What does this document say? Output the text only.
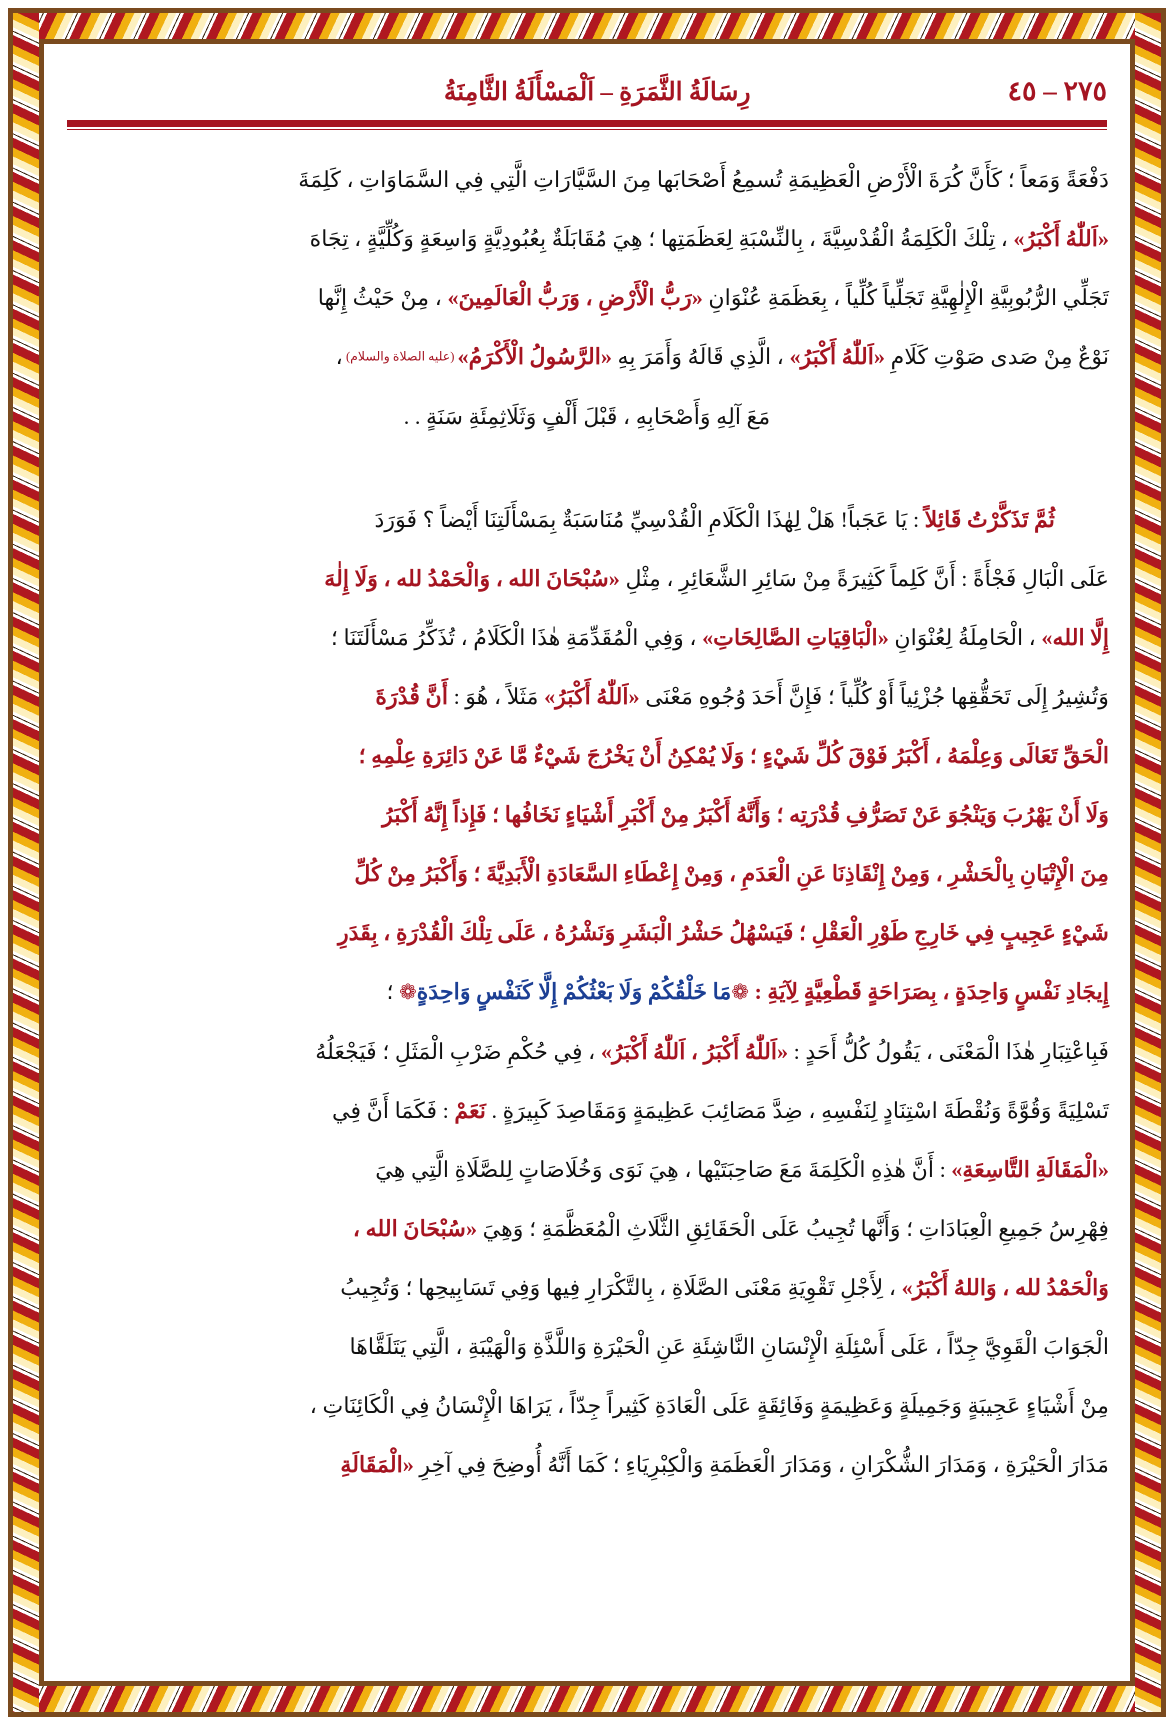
رِسَالَةُ الثَّمَرَةِ – اَلْمَسْأَلَةُ الثَّامِنَةُ	٢٧٥ – ٤٥

دَفْعَةً وَمَعاً ؛ كَأَنَّ كُرَةَ الْأَرْضِ الْعَظِيمَةِ تُسمِعُ أَصْحَابَها مِنَ السَّيَّارَاتِ الَّتِي فِي السَّمَاوَاتِ ، كَلِمَةَ
«اَللّٰهُ أَكْبَرُ» ، تِلْكَ الْكَلِمَةُ الْقُدْسِيَّةَ ، بِالنِّسْبَةِ لِعَظَمَتِها ؛ هِيَ مُقَابَلَةٌ بِعُبُودِيَّةٍ وَاسِعَةٍ وَكُلِّيَّةٍ ، تِجَاهَ
تَجَلِّي الرُّبُوبِيَّةِ الْإِلٰهِيَّةِ تَجَلِّياً كُلِّياً ، بِعَظَمَةِ عُنْوَانِ «رَبُّ الْأَرْضِ ، وَرَبُّ الْعَالَمِينَ» ، مِنْ حَيْثُ إِنَّها
نَوْعٌ مِنْ صَدى صَوْتِ كَلَامِ «اَللّٰهُ أَكْبَرُ» ، الَّذِي قَالَهُ وَأَمَرَ بِهِ «الرَّسُولُ الْأَكْرَمُ» (عليه الصلاة والسلام) ،
مَعَ آلِهِ وَأَصْحَابِهِ ، قَبْلَ أَلْفٍ وَثَلَاثِمِئَةِ سَنَةٍ . .

ثُمَّ تَذَكَّرْتُ قَائِلاً : يَا عَجَباً! هَلْ لِهٰذَا الْكَلَامِ الْقُدْسِيِّ مُنَاسَبَةٌ بِمَسْأَلَتِنَا أَيْضاً ؟ فَوَرَدَ
عَلَى الْبَالِ فَجْأَةً : أَنَّ كَلِماً كَثِيرَةً مِنْ سَائِرِ الشَّعَائِرِ ، مِثْلِ «سُبْحَانَ الله ، وَالْحَمْدُ لله ، وَلَا إِلٰهَ
إِلَّا الله» ، الْحَامِلَةُ لِعُنْوَانِ «الْبَاقِيَاتِ الصَّالِحَاتِ» ، وَفِي الْمُقَدِّمَةِ هٰذَا الْكَلَامُ ، تُذَكِّرُ مَسْأَلَتَنَا ؛
وَتُشِيرُ إِلَى تَحَقُّقِها جُزْئِياً أَوْ كُلِّياً ؛ فَإِنَّ أَحَدَ وُجُوهِ مَعْنَى «اَللّٰهُ أَكْبَرُ» مَثَلاً ، هُوَ : أَنَّ قُدْرَةَ
الْحَقِّ تَعَالَى وَعِلْمَهُ ، أَكْبَرُ فَوْقَ كُلِّ شَيْءٍ ؛ وَلَا يُمْكِنُ أَنْ يَخْرُجَ شَيْءٌ مَّا عَنْ دَائِرَةِ عِلْمِهِ ؛
وَلَا أَنْ يَهْرُبَ وَيَنْجُوَ عَنْ تَصَرُّفِ قُدْرَتِه ؛ وَأَنَّهُ أَكْبَرُ مِنْ أَكْبَرِ أَشْيَاءٍ نَخَافُها ؛ فَإِذاً إِنَّهُ أَكْبَرُ
مِنَ الْإِتْيَانِ بِالْحَشْرِ ، وَمِنْ إِنْقَاذِنَا عَنِ الْعَدَمِ ، وَمِنْ إِعْطَاءِ السَّعَادَةِ الْأَبَدِيَّةَ ؛ وَأَكْبَرُ مِنْ كُلِّ
شَيْءٍ عَجِيبٍ فِي خَارِجِ طَوْرِ الْعَقْلِ ؛ فَيَسْهُلُ حَشْرُ الْبَشَرِ وَنَشْرُهُ ، عَلَى تِلْكَ الْقُدْرَةِ ، بِقَدَرِ
إِيجَادِ نَفْسٍ وَاحِدَةٍ ، بِصَرَاحَةٍ قَطْعِيَّةٍ لِآيَةِ : ❁مَا خَلْقُكُمْ وَلَا بَعْثُكُمْ إِلَّا كَنَفْسٍ وَاحِدَةٍ❁ ؛
فَبِاعْتِبَارِ هٰذَا الْمَعْنَى ، يَقُولُ كُلُّ أَحَدٍ : «اَللّٰهُ أَكْبَرُ ، اَللّٰهُ أَكْبَرُ» ، فِي حُكْمِ ضَرْبِ الْمَثَلِ ؛ فَيَجْعَلُهُ
تَسْلِيَةً وَقُوَّةً وَنُقْطَةَ اسْتِنَادٍ لِنَفْسِهِ ، ضِدَّ مَصَائِبَ عَظِيمَةٍ وَمَقَاصِدَ كَبِيرَةٍ . نَعَمْ : فَكَمَا أَنَّ فِي
«الْمَقَالَةِ التَّاسِعَةِ» : أَنَّ هٰذِهِ الْكَلِمَةَ مَعَ صَاحِبَتَيْها ، هِيَ نَوَى وَخُلَاصَاتٍ لِلصَّلَاةِ الَّتِي هِيَ
فِهْرِسُ جَمِيعِ الْعِبَادَاتِ ؛ وَأَنَّها تُجِيبُ عَلَى الْحَقَائِقِ الثَّلَاثِ الْمُعَظَّمَةِ ؛ وَهِيَ «سُبْحَانَ الله ،
وَالْحَمْدُ لله ، وَاللهُ أَكْبَرُ» ، لِأَجْلِ تَقْوِيَةِ مَعْنَى الصَّلَاةِ ، بِالتَّكْرَارِ فِيها وَفِي تَسَابِيحِها ؛ وَتُجِيبُ
الْجَوَابَ الْقَوِيَّ جِدّاً ، عَلَى أَسْئِلَةِ الْإِنْسَانِ النَّاشِئَةِ عَنِ الْحَيْرَةِ وَاللَّذَّةِ وَالْهَيْبَةِ ، الَّتِي يَتَلَقَّاهَا
مِنْ أَشْيَاءٍ عَجِيبَةٍ وَجَمِيلَةٍ وَعَظِيمَةٍ وَفَائِقَةٍ عَلَى الْعَادَةِ كَثِيراً جِدّاً ، يَرَاهَا الْإِنْسَانُ فِي الْكَائِنَاتِ ،
مَدَارَ الْحَيْرَةِ ، وَمَدَارَ الشُّكْرَانِ ، وَمَدَارَ الْعَظَمَةِ وَالْكِبْرِيَاءِ ؛ كَمَا أَنَّهُ أُوضِحَ فِي آخِرِ «الْمَقَالَةِ
